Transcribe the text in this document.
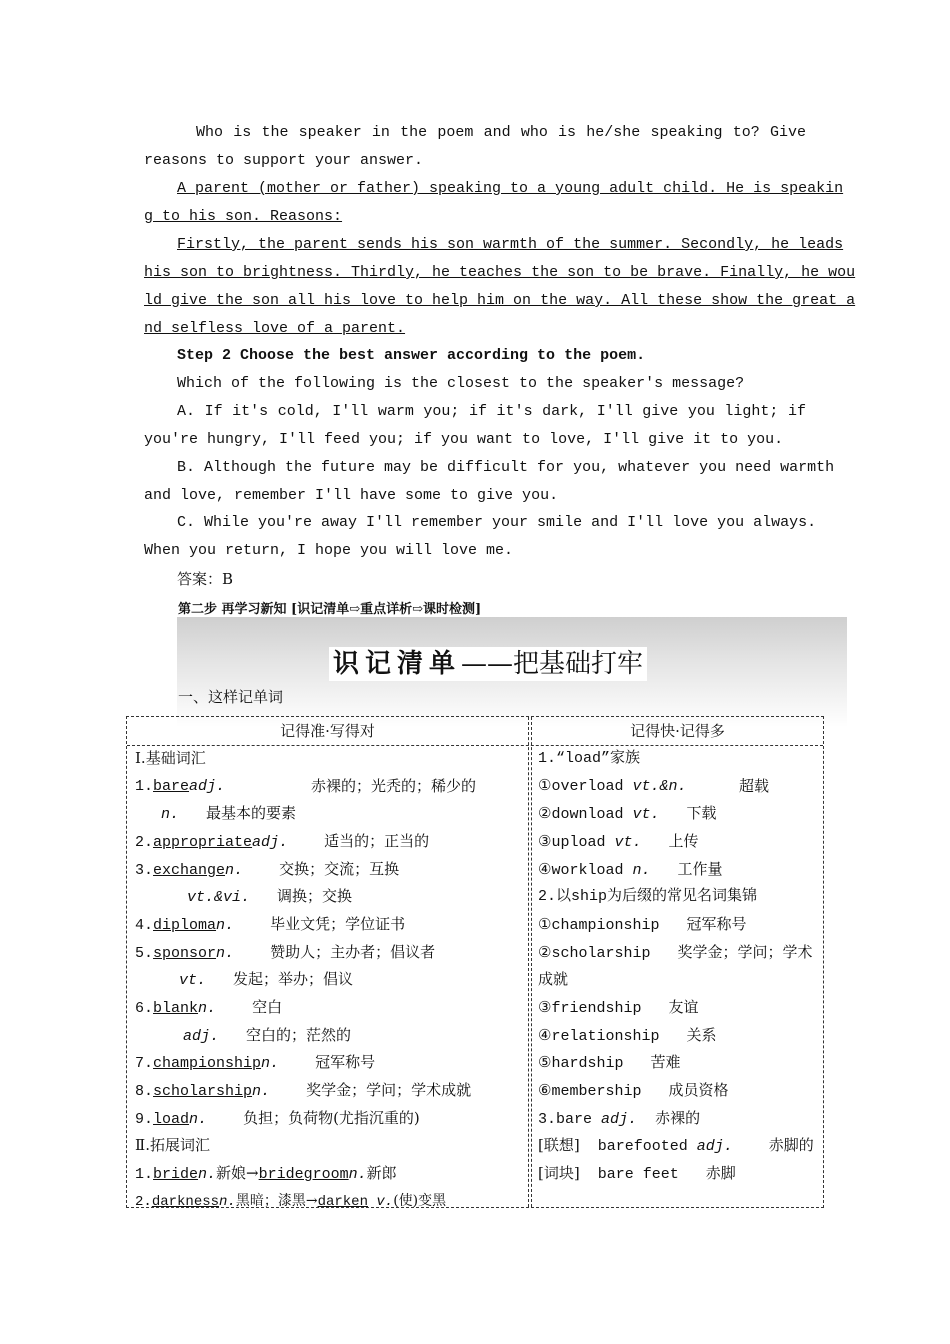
Who is the speaker in the poem and who is he/she speaking to? Give
reasons to support your answer.
A parent (mother or father) speaking to a young adult child. He is speakin
g to his son. Reasons:
Firstly, the parent sends his son warmth of the summer. Secondly, he leads
his son to brightness. Thirdly, he teaches the son to be brave. Finally, he wou
ld give the son all his love to help him on the way. All these show the great a
nd selfless love of a parent.
Step 2 Choose the best answer according to the poem.
Which of the following is the closest to the speaker's message?
A. If it's cold, I'll warm you; if it's dark, I'll give you light; if
you're hungry, I'll feed you; if you want to love, I'll give it to you.
B. Although the future may be difficult for you, whatever you need warmth
and love, remember I'll have some to give you.
C. While you're away I'll remember your smile and I'll love you always.
When you return, I hope you will love me.
答案：B
第二步 再学习新知 [识记清单⇨重点详析⇨课时检测]
识记清单——把基础打牢
一、这样记单词
记得准·写得对	记得快·记得多
Ⅰ.基础词汇
1.bareadj.	赤裸的；光秃的；稀少的
n. 最基本的要素
2.appropriateadj. 适当的；正当的
3.exchangen. 交换；交流；互换
vt.&vi. 调换；交换
4.diploman. 毕业文凭；学位证书
5.sponsorn. 赞助人；主办者；倡议者
vt. 发起；举办；倡议
6.blankn. 空白
adj. 空白的；茫然的
7.championshipn. 冠军称号
8.scholarshipn. 奖学金；学问；学术成就
9.loadn. 负担；负荷物(尤指沉重的)
Ⅱ.拓展词汇
1.briden.新娘→bridegroomn.新郎
2.darknessn.黑暗；漆黑→darken v.(使)变黑
1.“load”家族
①overload vt.&n.	超载
②download vt. 下载
③upload vt. 上传
④workload n. 工作量
2.以ship为后缀的常见名词集锦
①championship 冠军称号
②scholarship 奖学金；学问；学术
成就
③friendship 友谊
④relationship 关系
⑤hardship 苦难
⑥membership 成员资格
3.bare adj. 赤裸的
[联想] barefooted adj. 赤脚的
[词块] bare feet 赤脚
